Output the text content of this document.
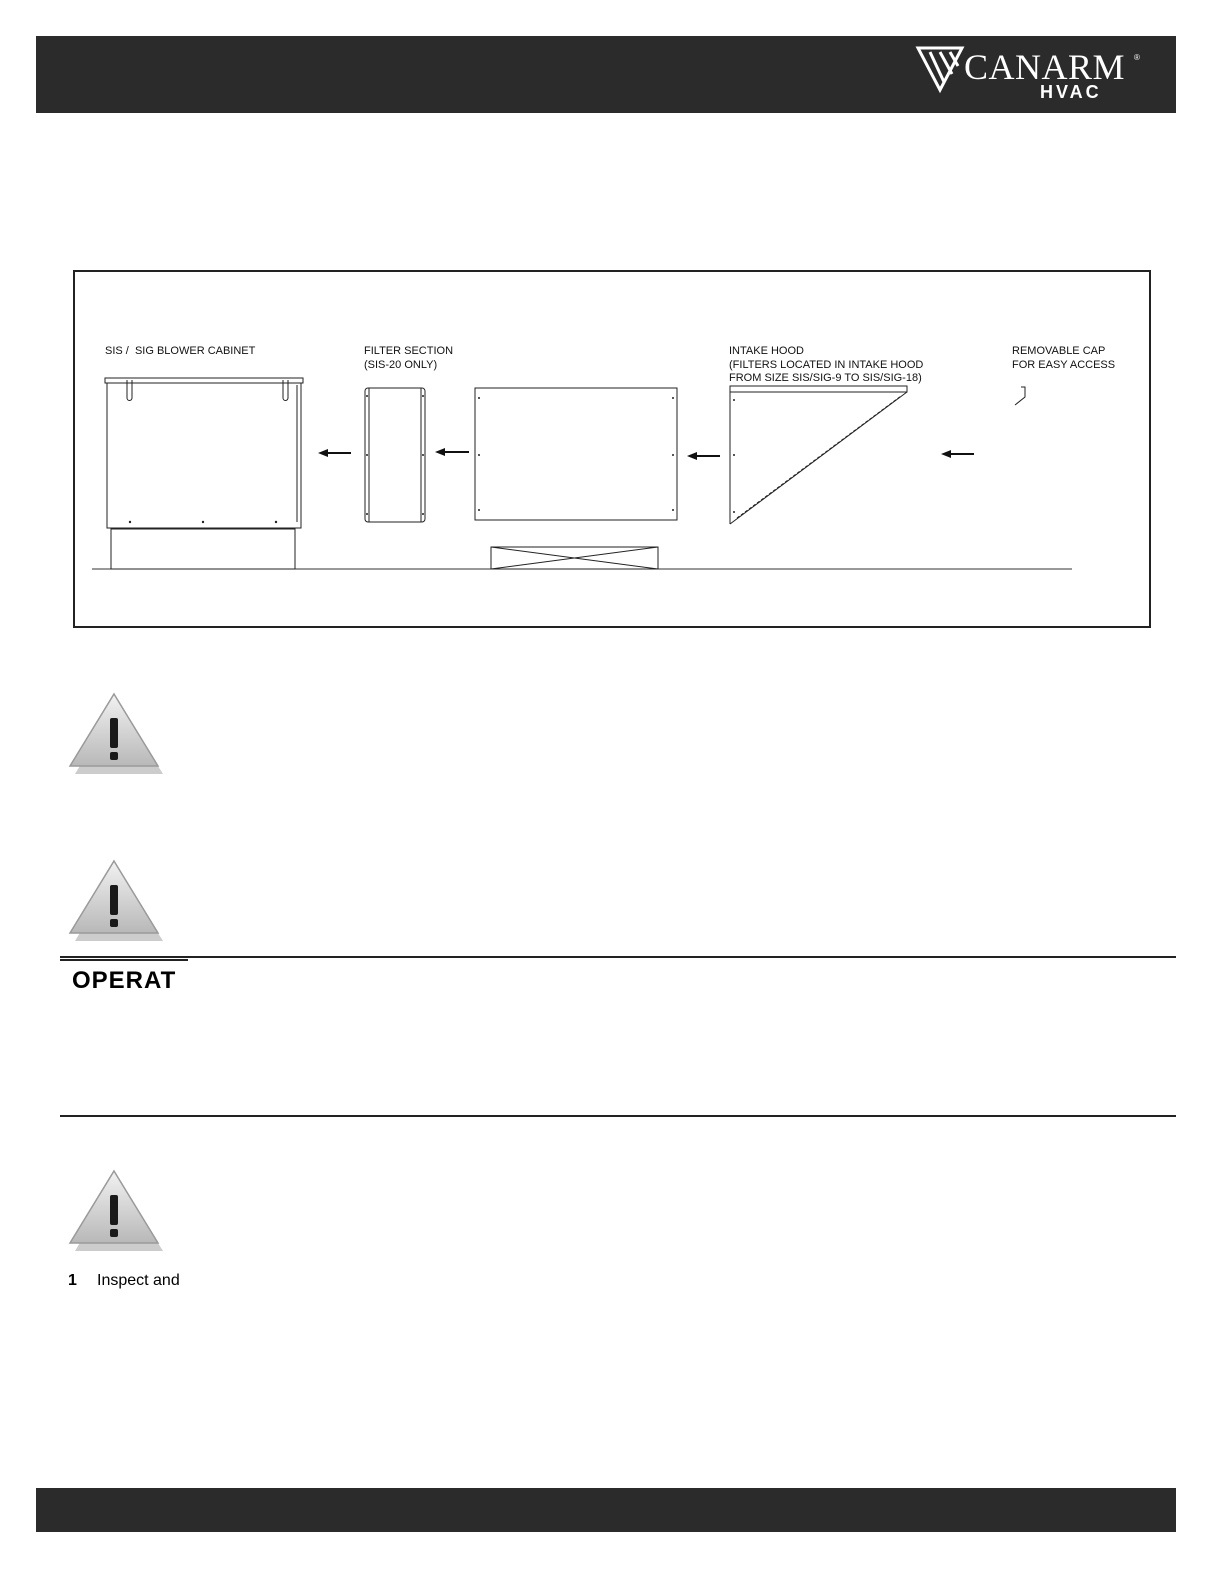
CANARM ®
HVAC
SIS /  SIG BLOWER CABINET	FILTER SECTION
(SIS-20 ONLY)
INTAKE HOOD
(FILTERS LOCATED IN INTAKE HOOD
FROM SIZE SIS/SIG-9 TO SIS/SIG-18)
REMOVABLE CAP
FOR EASY ACCESS
OPERAT
1 Inspect and
